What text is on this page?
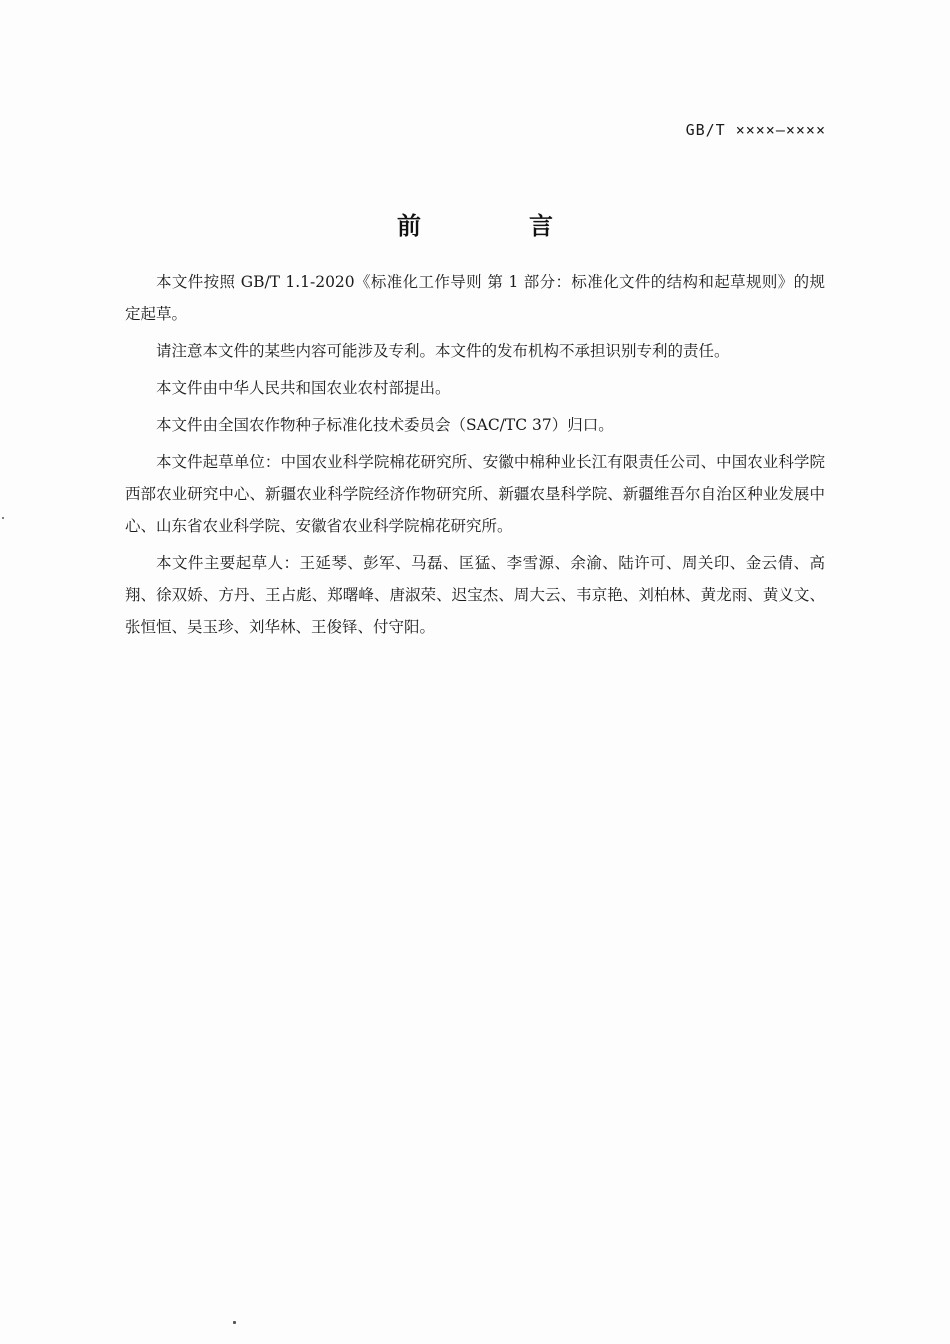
GB/T ××××—××××
前　言

本文件按照 GB/T 1.1-2020《标准化工作导则 第 1 部分：标准化文件的结构和起草规则》的规定起草。

请注意本文件的某些内容可能涉及专利。本文件的发布机构不承担识别专利的责任。

本文件由中华人民共和国农业农村部提出。

本文件由全国农作物种子标准化技术委员会（SAC/TC 37）归口。

本文件起草单位：中国农业科学院棉花研究所、安徽中棉种业长江有限责任公司、中国农业科学院西部农业研究中心、新疆农业科学院经济作物研究所、新疆农垦科学院、新疆维吾尔自治区种业发展中心、山东省农业科学院、安徽省农业科学院棉花研究所。

本文件主要起草人：王延琴、彭军、马磊、匡猛、李雪源、余渝、陆许可、周关印、金云倩、高翔、徐双娇、方丹、王占彪、郑曙峰、唐淑荣、迟宝杰、周大云、韦京艳、刘柏林、黄龙雨、黄义文、张恒恒、吴玉珍、刘华林、王俊铎、付守阳。
